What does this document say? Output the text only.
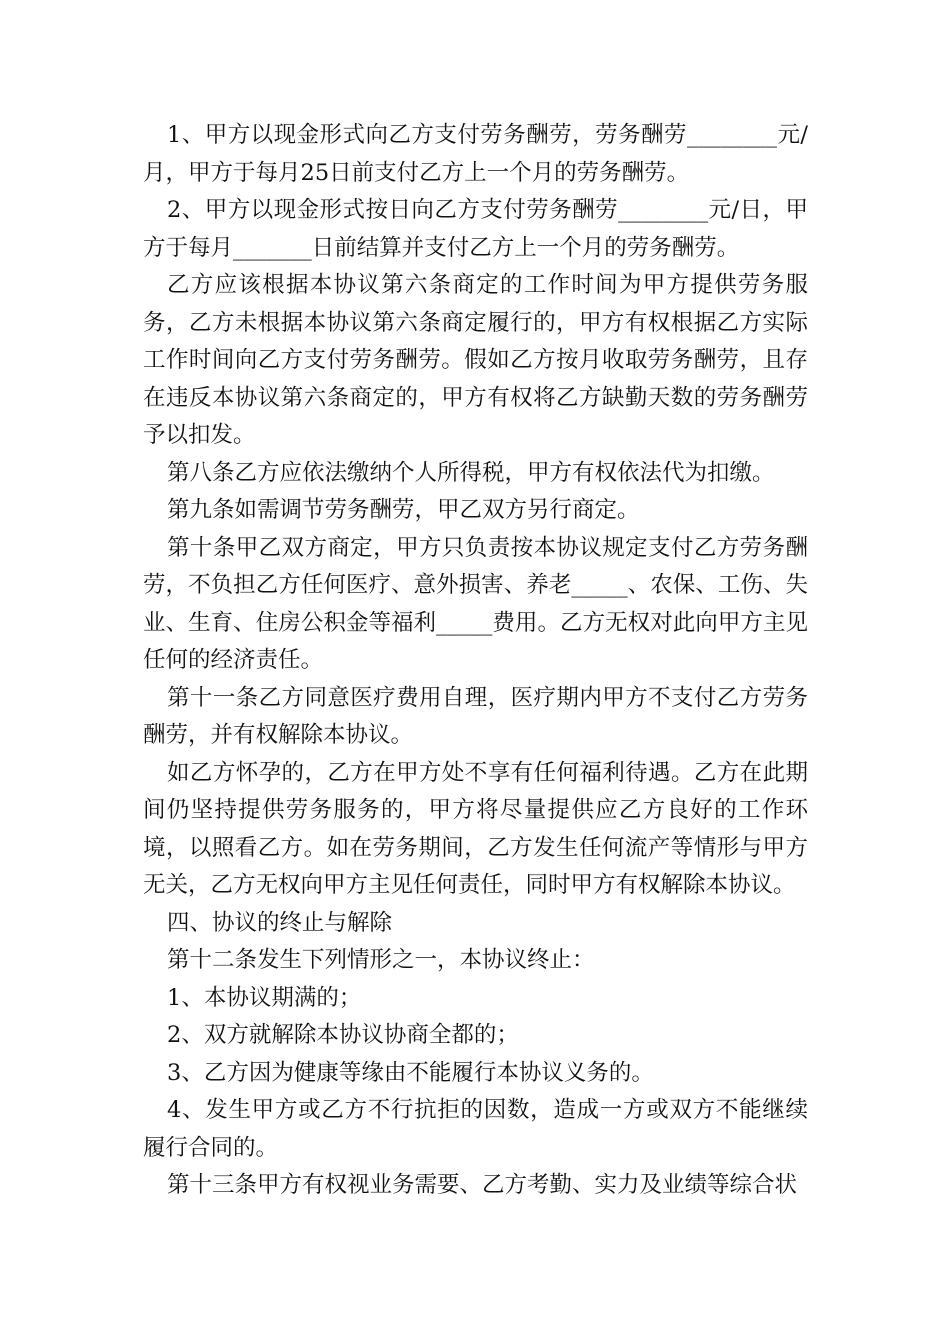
1、甲方以现金形式向乙方支付劳务酬劳，劳务酬劳________元/月，甲方于每月25日前支付乙方上一个月的劳务酬劳。

2、甲方以现金形式按日向乙方支付劳务酬劳________元/日，甲方于每月_______日前结算并支付乙方上一个月的劳务酬劳。

乙方应该根据本协议第六条商定的工作时间为甲方提供劳务服务，乙方未根据本协议第六条商定履行的，甲方有权根据乙方实际工作时间向乙方支付劳务酬劳。假如乙方按月收取劳务酬劳，且存在违反本协议第六条商定的，甲方有权将乙方缺勤天数的劳务酬劳予以扣发。

第八条乙方应依法缴纳个人所得税，甲方有权依法代为扣缴。

第九条如需调节劳务酬劳，甲乙双方另行商定。

第十条甲乙双方商定，甲方只负责按本协议规定支付乙方劳务酬劳，不负担乙方任何医疗、意外损害、养老_____、农保、工伤、失业、生育、住房公积金等福利_____费用。乙方无权对此向甲方主见任何的经济责任。

第十一条乙方同意医疗费用自理，医疗期内甲方不支付乙方劳务酬劳，并有权解除本协议。

如乙方怀孕的，乙方在甲方处不享有任何福利待遇。乙方在此期间仍坚持提供劳务服务的，甲方将尽量提供应乙方良好的工作环境，以照看乙方。如在劳务期间，乙方发生任何流产等情形与甲方无关，乙方无权向甲方主见任何责任，同时甲方有权解除本协议。

四、协议的终止与解除

第十二条发生下列情形之一，本协议终止：

1、本协议期满的；

2、双方就解除本协议协商全都的；

3、乙方因为健康等缘由不能履行本协议义务的。

4、发生甲方或乙方不行抗拒的因数，造成一方或双方不能继续履行合同的。

第十三条甲方有权视业务需要、乙方考勤、实力及业绩等综合状
